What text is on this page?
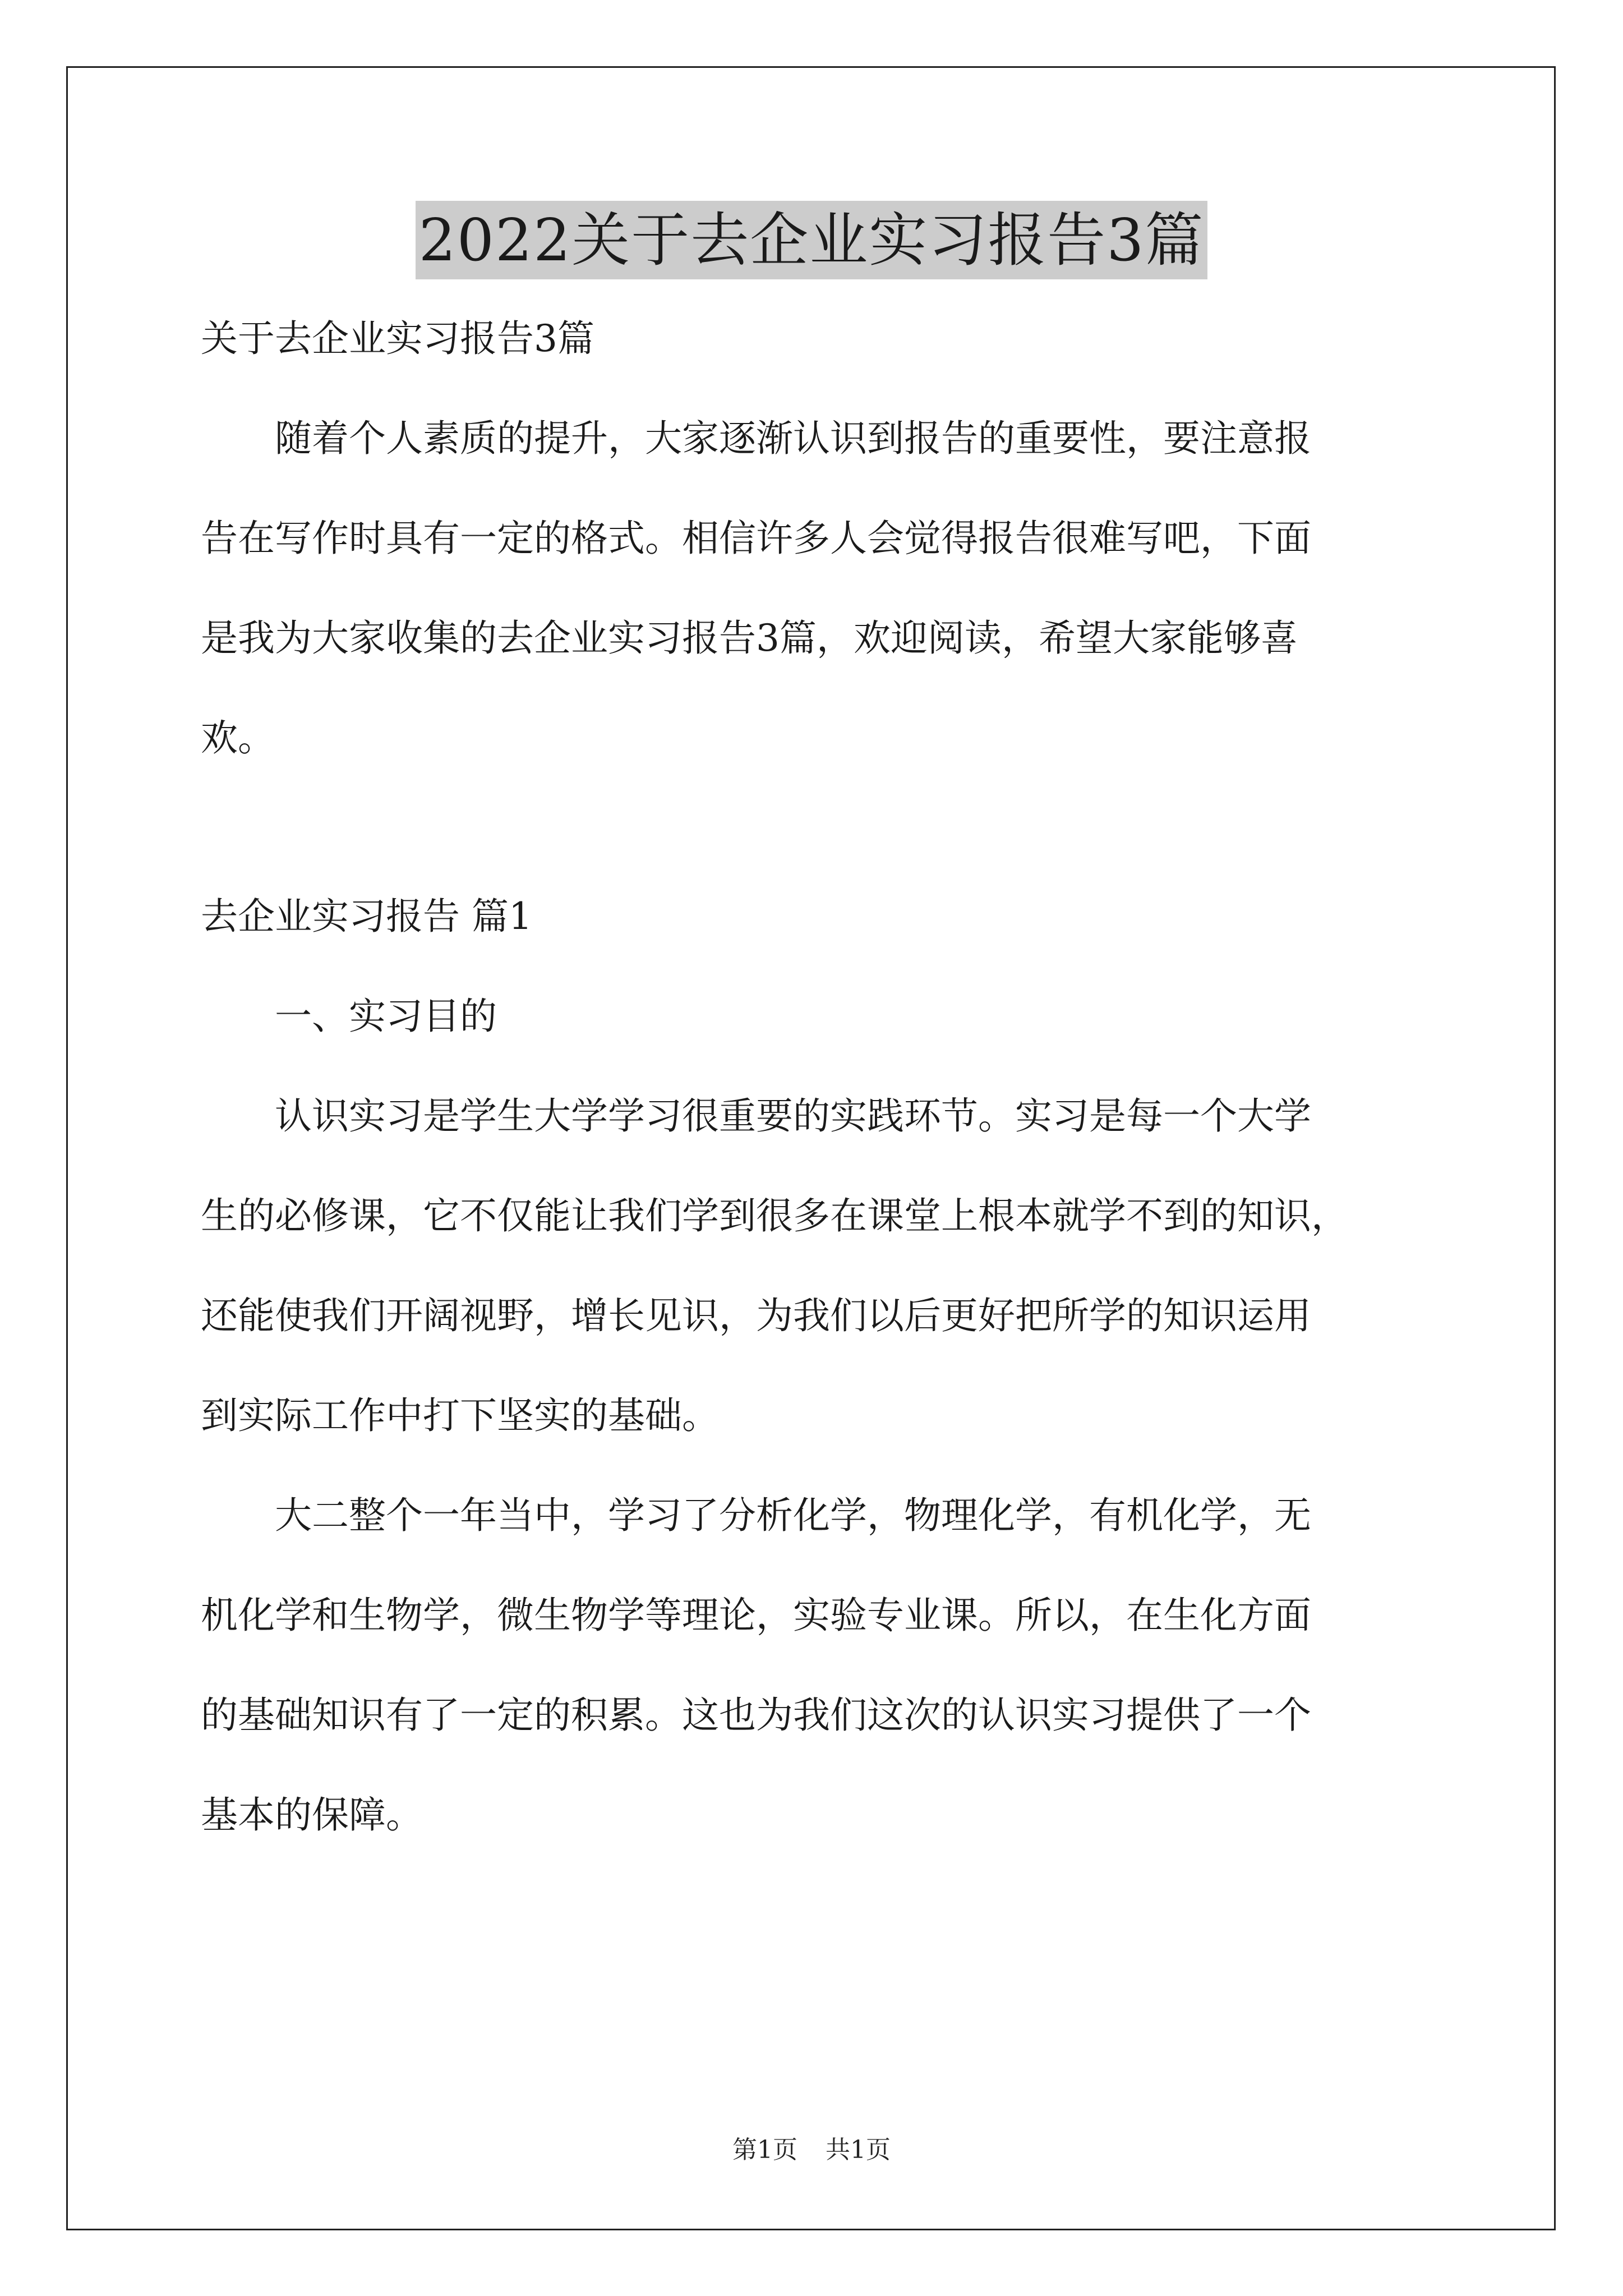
2022关于去企业实习报告3篇
关于去企业实习报告3篇
随着个人素质的提升，大家逐渐认识到报告的重要性，要注意报
告在写作时具有一定的格式。相信许多人会觉得报告很难写吧，下面
是我为大家收集的去企业实习报告3篇，欢迎阅读，希望大家能够喜
欢。
去企业实习报告 篇1
一、实习目的
认识实习是学生大学学习很重要的实践环节。实习是每一个大学
生的必修课，它不仅能让我们学到很多在课堂上根本就学不到的知识，
还能使我们开阔视野，增长见识，为我们以后更好把所学的知识运用
到实际工作中打下坚实的基础。
大二整个一年当中，学习了分析化学，物理化学，有机化学，无
机化学和生物学，微生物学等理论，实验专业课。所以，在生化方面
的基础知识有了一定的积累。这也为我们这次的认识实习提供了一个
基本的保障。
第1页 共1页
